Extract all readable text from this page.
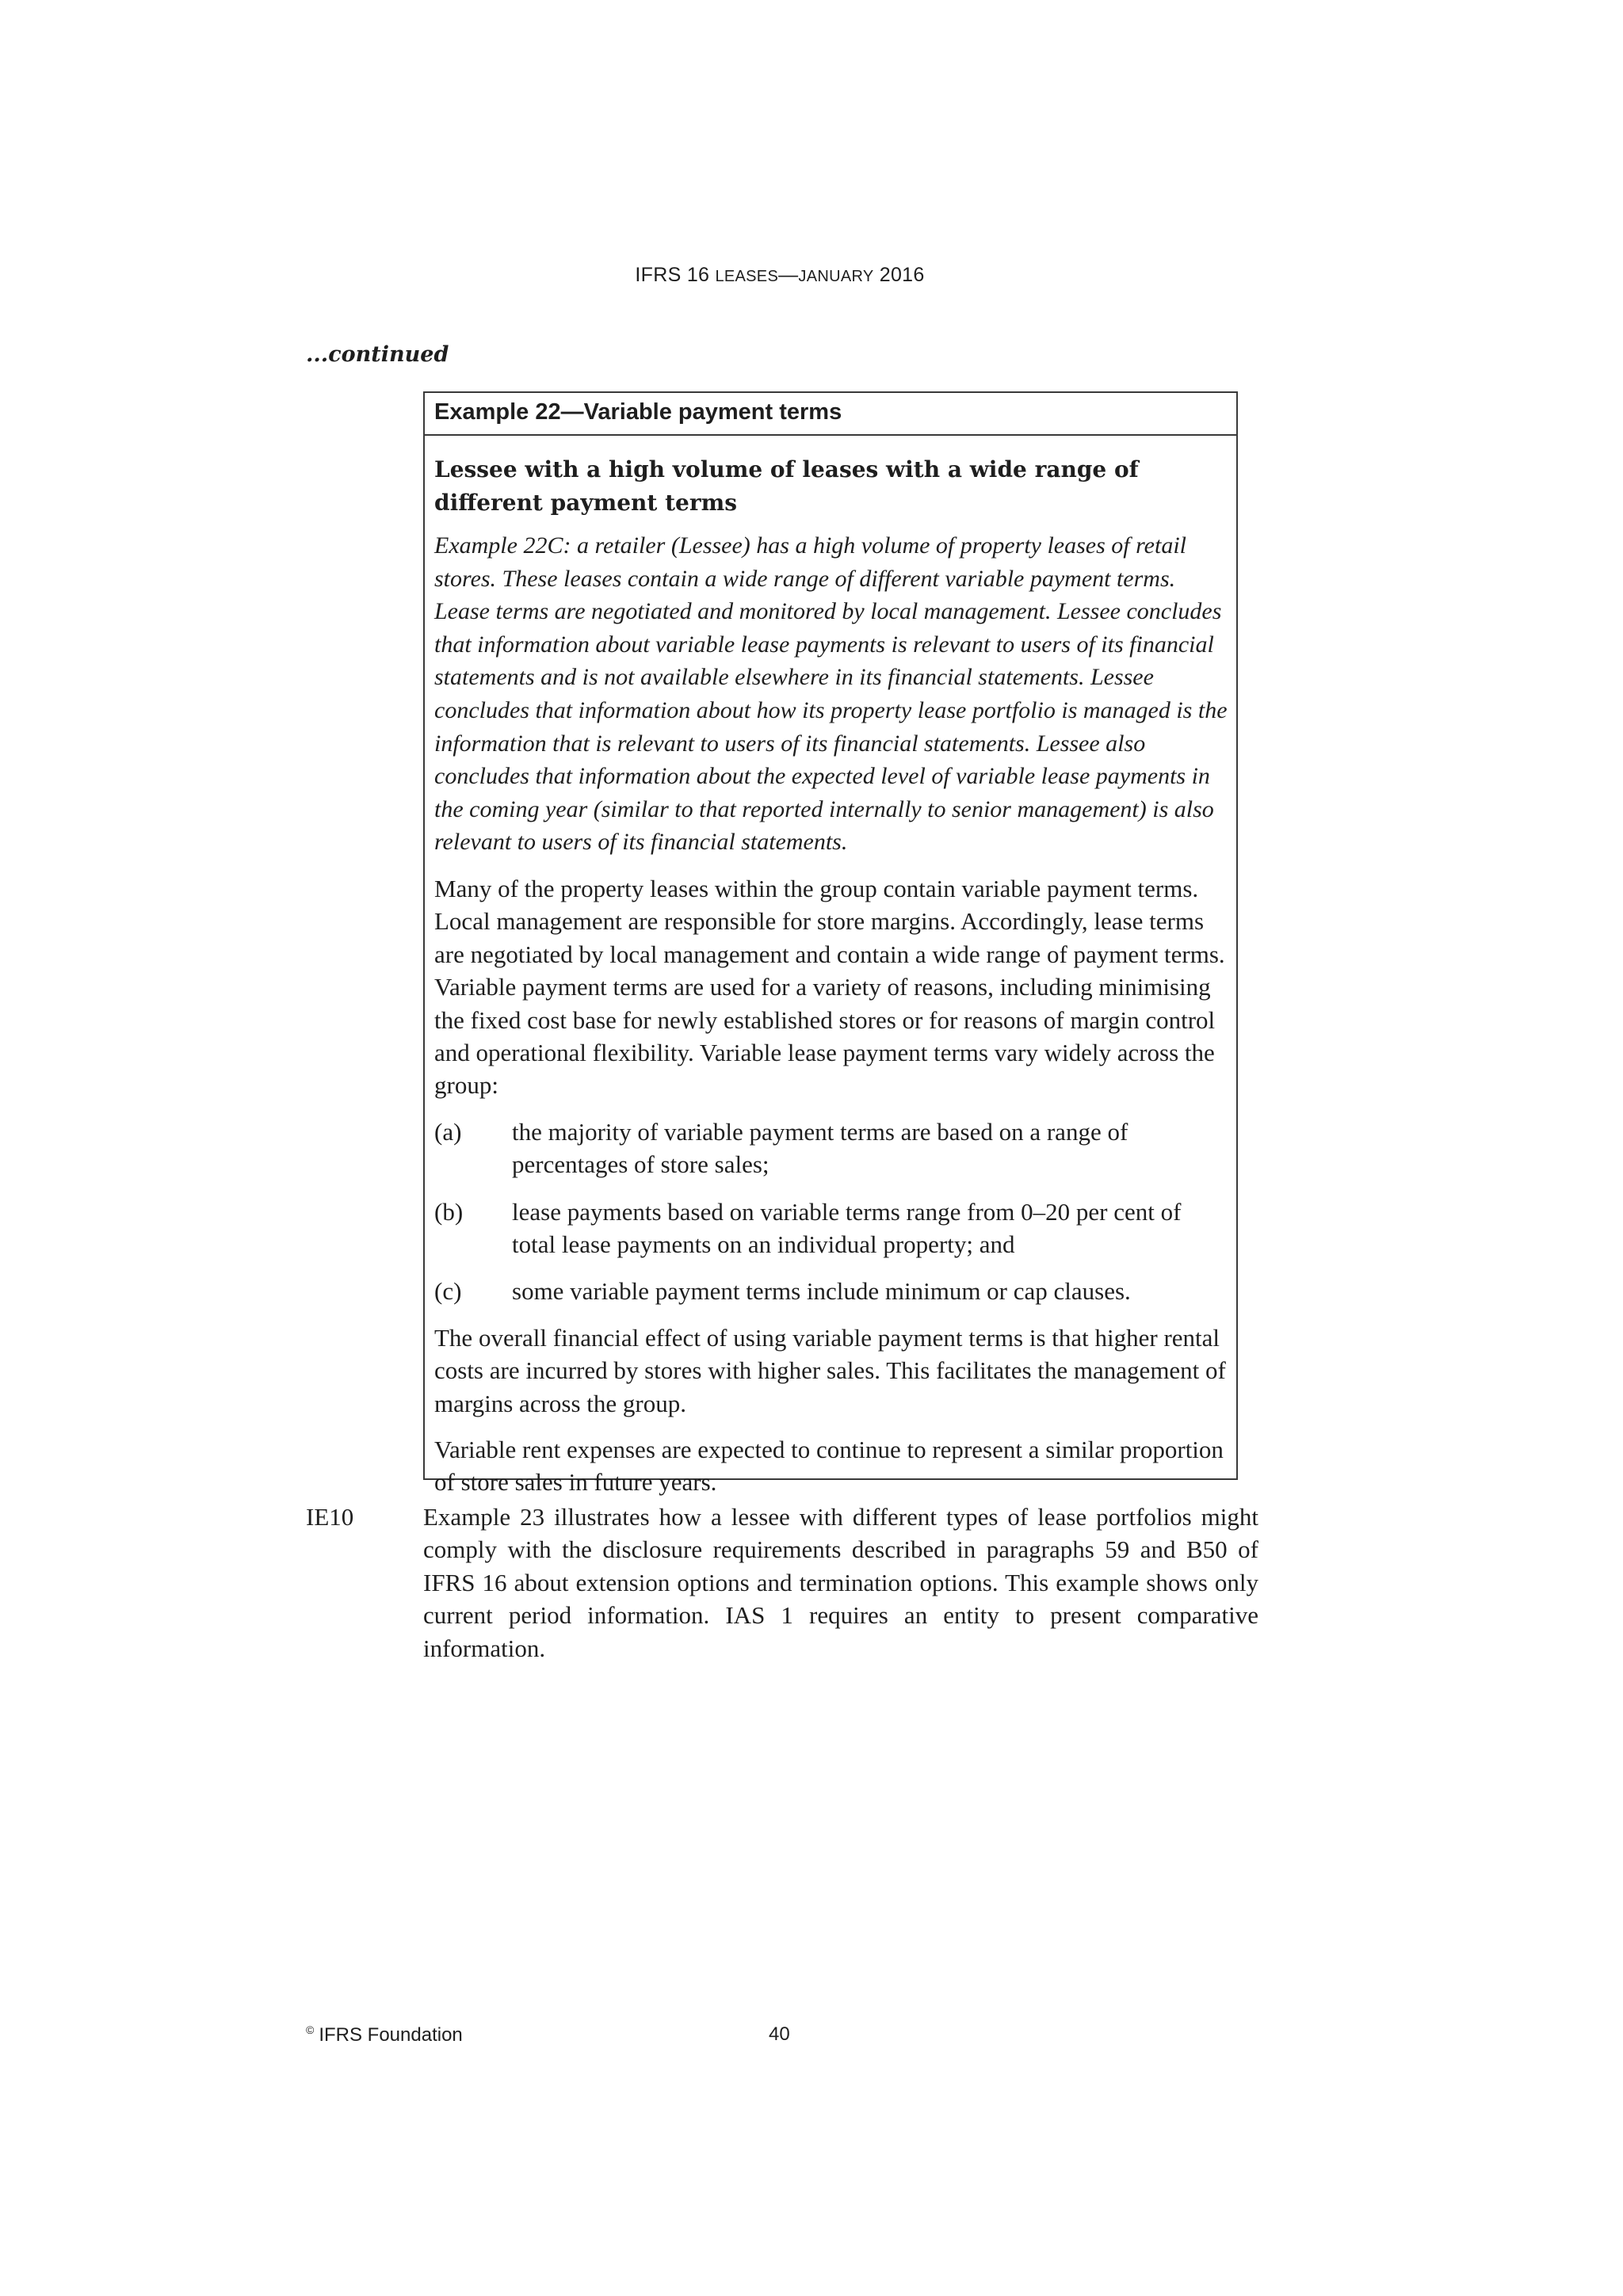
IFRS 16 LEASES—JANUARY 2016
...continued
Example 22—Variable payment terms
Lessee with a high volume of leases with a wide range of different payment terms
Example 22C: a retailer (Lessee) has a high volume of property leases of retail stores. These leases contain a wide range of different variable payment terms. Lease terms are negotiated and monitored by local management. Lessee concludes that information about variable lease payments is relevant to users of its financial statements and is not available elsewhere in its financial statements. Lessee concludes that information about how its property lease portfolio is managed is the information that is relevant to users of its financial statements. Lessee also concludes that information about the expected level of variable lease payments in the coming year (similar to that reported internally to senior management) is also relevant to users of its financial statements.
Many of the property leases within the group contain variable payment terms. Local management are responsible for store margins. Accordingly, lease terms are negotiated by local management and contain a wide range of payment terms. Variable payment terms are used for a variety of reasons, including minimising the fixed cost base for newly established stores or for reasons of margin control and operational flexibility. Variable lease payment terms vary widely across the group:
(a)	the majority of variable payment terms are based on a range of percentages of store sales;
(b)	lease payments based on variable terms range from 0–20 per cent of total lease payments on an individual property; and
(c)	some variable payment terms include minimum or cap clauses.
The overall financial effect of using variable payment terms is that higher rental costs are incurred by stores with higher sales. This facilitates the management of margins across the group.
Variable rent expenses are expected to continue to represent a similar proportion of store sales in future years.
IE10	Example 23 illustrates how a lessee with different types of lease portfolios might comply with the disclosure requirements described in paragraphs 59 and B50 of IFRS 16 about extension options and termination options. This example shows only current period information. IAS 1 requires an entity to present comparative information.
© IFRS Foundation	40
